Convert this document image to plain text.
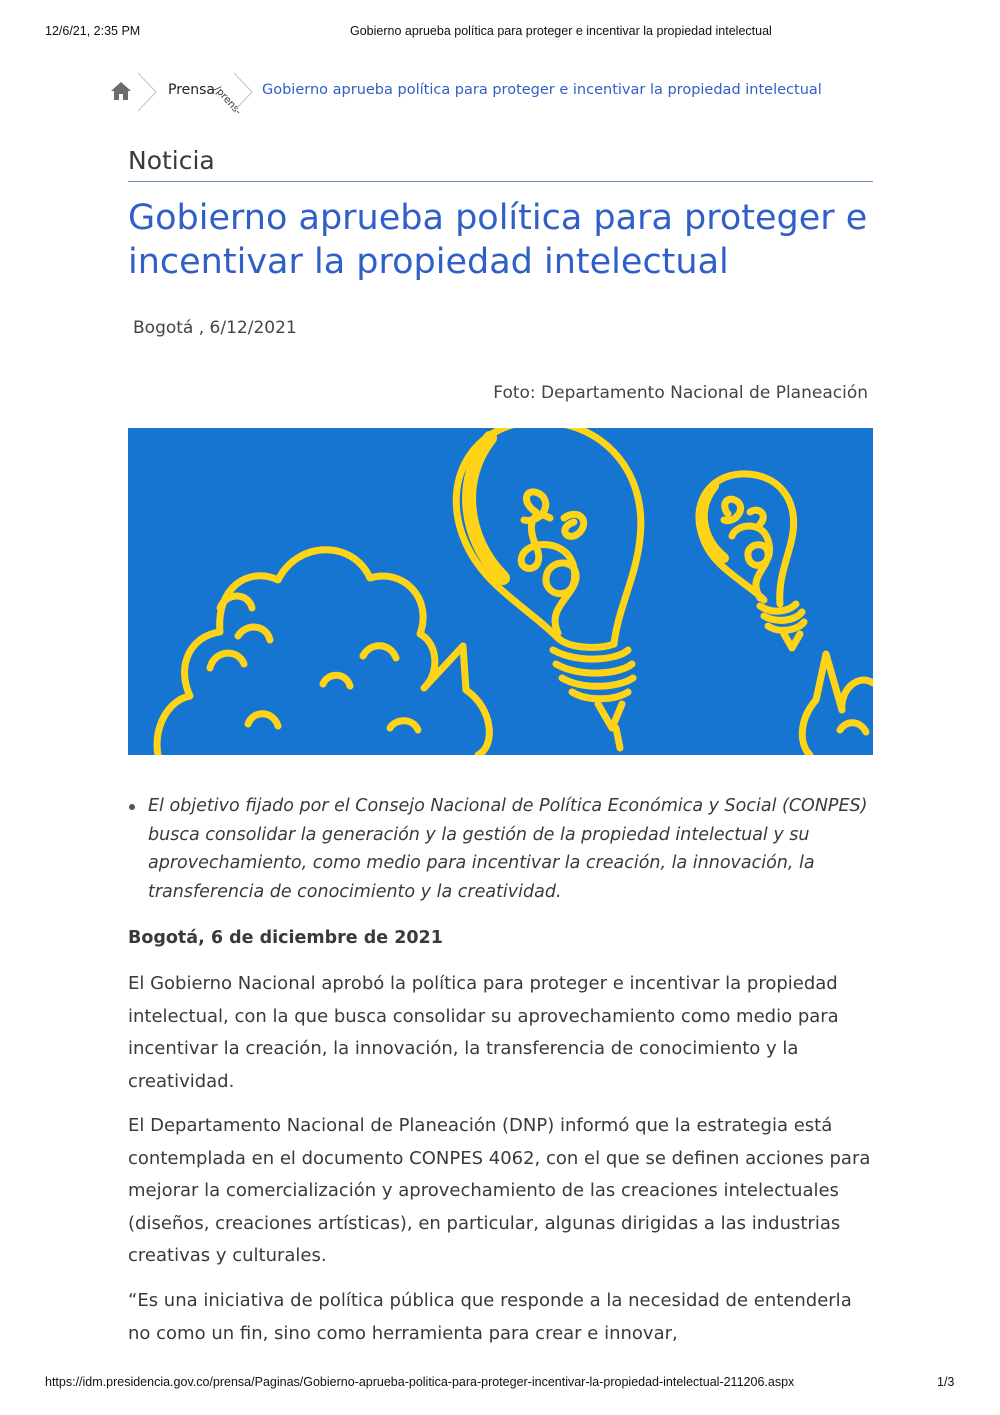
12/6/21, 2:35 PM	Gobierno aprueba política para proteger e incentivar la propiedad intelectual
Prensa
/prens- Gobierno aprueba política para proteger e incentivar la propiedad intelectual
Noticia
Gobierno aprueba política para proteger e incentivar la propiedad intelectual
Bogotá , 6/12/2021
Foto: Departamento Nacional de Planeación
El objetivo fijado por el Consejo Nacional de Política Económica y Social (CONPES) busca consolidar la generación y la gestión de la propiedad intelectual y su aprovechamiento, como medio para incentivar la creación, la innovación, la transferencia de conocimiento y la creatividad.
Bogotá, 6 de diciembre de 2021

El Gobierno Nacional aprobó la política para proteger e incentivar la propiedad intelectual, con la que busca consolidar su aprovechamiento como medio para incentivar la creación, la innovación, la transferencia de conocimiento y la creatividad.

El Departamento Nacional de Planeación (DNP) informó que la estrategia está contemplada en el documento CONPES 4062, con el que se definen acciones para mejorar la comercialización y aprovechamiento de las creaciones intelectuales (diseños, creaciones artísticas), en particular, algunas dirigidas a las industrias creativas y culturales.

“Es una iniciativa de política pública que responde a la necesidad de entenderla no como un fin, sino como herramienta para crear e innovar,

https://idm.presidencia.gov.co/prensa/Paginas/Gobierno-aprueba-politica-para-proteger-incentivar-la-propiedad-intelectual-211206.aspx	1/3
